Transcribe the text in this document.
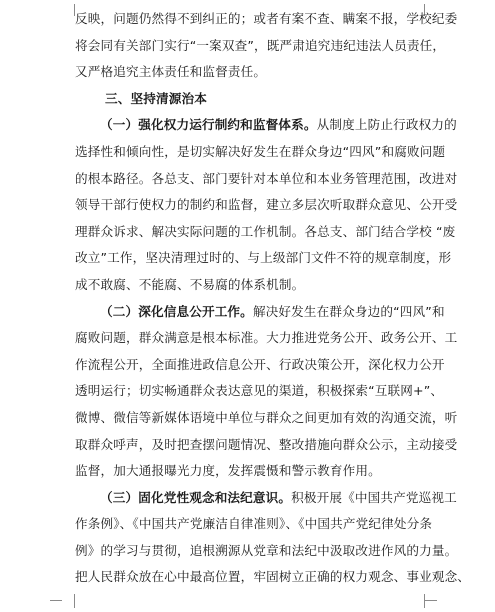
反映，问题仍然得不到纠正的；或者有案不查、瞒案不报，学校纪委
将会同有关部门实行“一案双查”，既严肃追究违纪违法人员责任，
又严格追究主体责任和监督责任。
三、坚持清源治本
（一）强化权力运行制约和监督体系。从制度上防止行政权力的
选择性和倾向性，是切实解决好发生在群众身边“四风”和腐败问题
的根本路径。各总支、部门要针对本单位和本业务管理范围，改进对
领导干部行使权力的制约和监督，建立多层次听取群众意见、公开受
理群众诉求、解决实际问题的工作机制。各总支、部门结合学校 “废
改立”工作，坚决清理过时的、与上级部门文件不符的规章制度，形
成不敢腐、不能腐、不易腐的体系机制。
（二）深化信息公开工作。解决好发生在群众身边的“四风”和
腐败问题，群众满意是根本标准。大力推进党务公开、政务公开、工
作流程公开，全面推进政信息公开、行政决策公开，深化权力公开
透明运行；切实畅通群众表达意见的渠道，积极探索“互联网+”、
微博、微信等新媒体语境中单位与群众之间更加有效的沟通交流，听
取群众呼声，及时把查摆问题情况、整改措施向群众公示，主动接受
监督，加大通报曝光力度，发挥震慑和警示教育作用。
（三）固化党性观念和法纪意识。积极开展《中国共产党巡视工
作条例》、《中国共产党廉洁自律准则》、《中国共产党纪律处分条
例》的学习与贯彻，追根溯源从党章和法纪中汲取改进作风的力量。
把人民群众放在心中最高位置，牢固树立正确的权力观念、事业观念、
